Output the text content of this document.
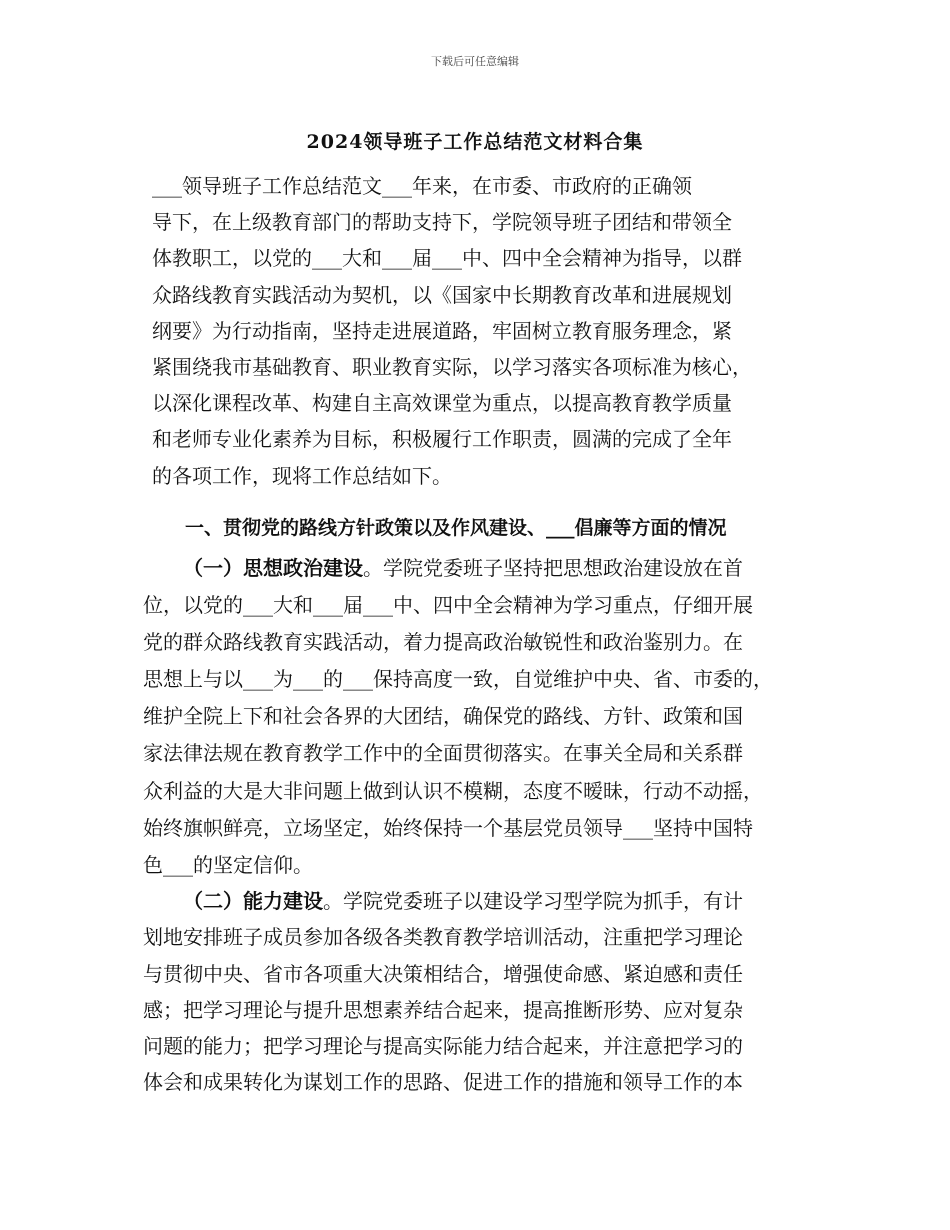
下载后可任意编辑
2024领导班子工作总结范文材料合集
___领导班子工作总结范文___年来，在市委、市政府的正确领
导下，在上级教育部门的帮助支持下，学院领导班子团结和带领全
体教职工，以党的___大和___届___中、四中全会精神为指导，以群
众路线教育实践活动为契机，以《国家中长期教育改革和进展规划
纲要》为行动指南，坚持走进展道路，牢固树立教育服务理念，紧
紧围绕我市基础教育、职业教育实际，以学习落实各项标准为核心，
以深化课程改革、构建自主高效课堂为重点，以提高教育教学质量
和老师专业化素养为目标，积极履行工作职责，圆满的完成了全年
的各项工作，现将工作总结如下。
一、贯彻党的路线方针政策以及作风建设、___倡廉等方面的情况
（一）思想政治建设。学院党委班子坚持把思想政治建设放在首
位，以党的___大和___届___中、四中全会精神为学习重点，仔细开展
党的群众路线教育实践活动，着力提高政治敏锐性和政治鉴别力。在
思想上与以___为___的___保持高度一致，自觉维护中央、省、市委的，
维护全院上下和社会各界的大团结，确保党的路线、方针、政策和国
家法律法规在教育教学工作中的全面贯彻落实。在事关全局和关系群
众利益的大是大非问题上做到认识不模糊，态度不暧昧，行动不动摇，
始终旗帜鲜亮，立场坚定，始终保持一个基层党员领导___坚持中国特
色___的坚定信仰。
（二）能力建设。学院党委班子以建设学习型学院为抓手，有计
划地安排班子成员参加各级各类教育教学培训活动，注重把学习理论
与贯彻中央、省市各项重大决策相结合，增强使命感、紧迫感和责任
感；把学习理论与提升思想素养结合起来，提高推断形势、应对复杂
问题的能力；把学习理论与提高实际能力结合起来，并注意把学习的
体会和成果转化为谋划工作的思路、促进工作的措施和领导工作的本
